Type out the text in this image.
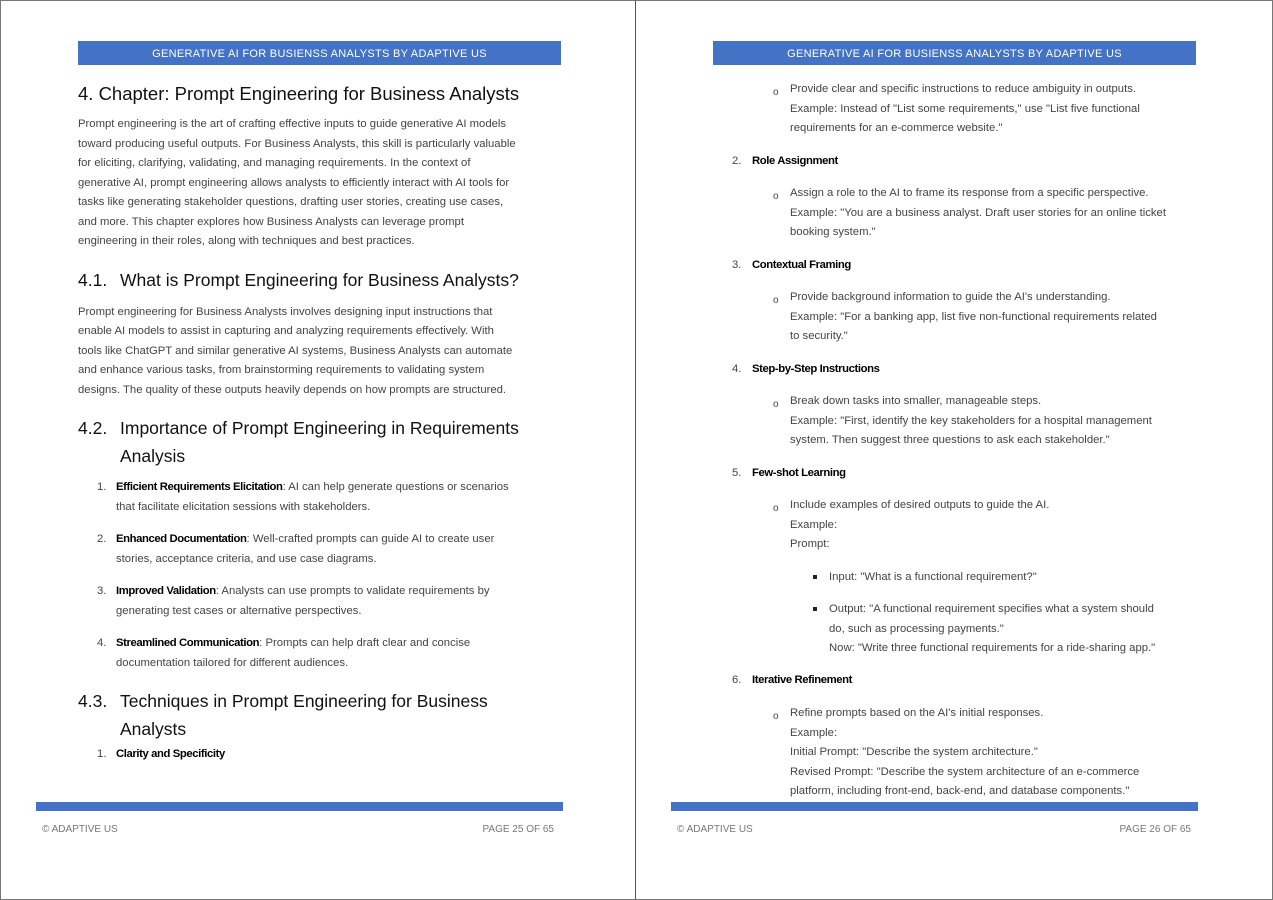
GENERATIVE AI FOR BUSIENSS ANALYSTS BY ADAPTIVE US
4. Chapter: Prompt Engineering for Business Analysts

Prompt engineering is the art of crafting effective inputs to guide generative AI models toward producing useful outputs. For Business Analysts, this skill is particularly valuable for eliciting, clarifying, validating, and managing requirements. In the context of generative AI, prompt engineering allows analysts to efficiently interact with AI tools for tasks like generating stakeholder questions, drafting user stories, creating use cases, and more. This chapter explores how Business Analysts can leverage prompt engineering in their roles, along with techniques and best practices.

4.1. What is Prompt Engineering for Business Analysts?

Prompt engineering for Business Analysts involves designing input instructions that enable AI models to assist in capturing and analyzing requirements effectively. With tools like ChatGPT and similar generative AI systems, Business Analysts can automate and enhance various tasks, from brainstorming requirements to validating system designs. The quality of these outputs heavily depends on how prompts are structured.

4.2. Importance of Prompt Engineering in Requirements Analysis
1. Efficient Requirements Elicitation: AI can help generate questions or scenarios that facilitate elicitation sessions with stakeholders.
2. Enhanced Documentation: Well-crafted prompts can guide AI to create user stories, acceptance criteria, and use case diagrams.
3. Improved Validation: Analysts can use prompts to validate requirements by generating test cases or alternative perspectives.
4. Streamlined Communication: Prompts can help draft clear and concise documentation tailored for different audiences.
4.3. Techniques in Prompt Engineering for Business Analysts
1. Clarity and Specificity
© ADAPTIVE US	PAGE 25 OF 65
GENERATIVE AI FOR BUSIENSS ANALYSTS BY ADAPTIVE US
o Provide clear and specific instructions to reduce ambiguity in outputs.
Example: Instead of "List some requirements," use "List five functional
requirements for an e-commerce website."
2. Role Assignment
o Assign a role to the AI to frame its response from a specific perspective.
Example: "You are a business analyst. Draft user stories for an online ticket
booking system."
3. Contextual Framing
o Provide background information to guide the AI's understanding.
Example: "For a banking app, list five non-functional requirements related
to security."
4. Step-by-Step Instructions
o Break down tasks into smaller, manageable steps.
Example: "First, identify the key stakeholders for a hospital management
system. Then suggest three questions to ask each stakeholder."
5. Few-shot Learning
o Include examples of desired outputs to guide the AI.
Example:
Prompt:
Input: "What is a functional requirement?"
Output: "A functional requirement specifies what a system should
do, such as processing payments."
Now: "Write three functional requirements for a ride-sharing app."
6. Iterative Refinement
o Refine prompts based on the AI's initial responses.
Example:
Initial Prompt: "Describe the system architecture."
Revised Prompt: "Describe the system architecture of an e-commerce
platform, including front-end, back-end, and database components."
© ADAPTIVE US	PAGE 26 OF 65
